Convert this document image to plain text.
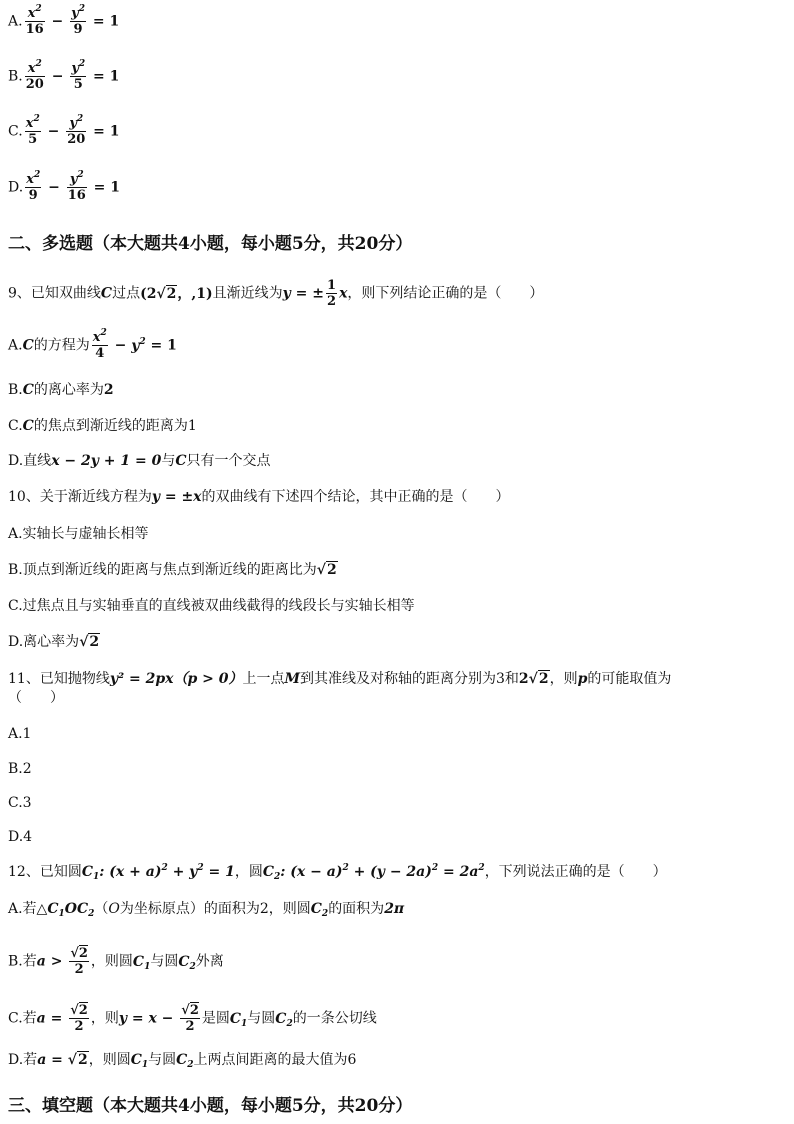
A. $\frac{x^2}{16} - \frac{y^2}{9} = 1$
B. $\frac{x^2}{20} - \frac{y^2}{5} = 1$
C. $\frac{x^2}{5} - \frac{y^2}{20} = 1$
D. $\frac{x^2}{9} - \frac{y^2}{16} = 1$
二、多选题（本大题共4小题，每小题5分，共20分）
9、已知双曲线C过点(2√2，,1)且渐近线为y = ± $\frac{1}{2}$ x，则下列结论正确的是（　　）
A.C的方程为 $\frac{x^2}{4} - y^2 = 1$
B.C的离心率为2
C.C的焦点到渐近线的距离为1
D.直线x − 2y + 1 = 0与C只有一个交点
10、关于渐近线方程为y = ±x的双曲线有下述四个结论，其中正确的是（　　）
A.实轴长与虚轴长相等
B.顶点到渐近线的距离与焦点到渐近线的距离比为√2
C.过焦点且与实轴垂直的直线被双曲线截得的线段长与实轴长相等
D.离心率为√2
11、已知抛物线y² = 2px（p > 0）上一点M到其准线及对称轴的距离分别为3和2√2，则p的可能取值为
（　　）
A.1
B.2
C.3
D.4
12、已知圆$C_1$: $(x + a)^2 + y^2 = 1$，圆$C_2$: $(x - a)^2 + (y - 2a)^2 = 2a^2$，下列说法正确的是（　　）
A.若$\triangle C_1OC_2(O$为坐标原点）的面积为2，则圆$C_2$的面积为2π
B.若$a > \frac{√2}{2}$ ，则圆$C_1$与圆$C_2$外离
C.若$a = \frac{√2}{2}$ ，则$y = x - \frac{√2}{2}$ 是圆$C_1$与圆$C_2$的一条公切线
D.若a = √2，则圆$C_1$与圆$C_2$上两点间距离的最大值为6
三、填空题（本大题共4小题，每小题5分，共20分）
